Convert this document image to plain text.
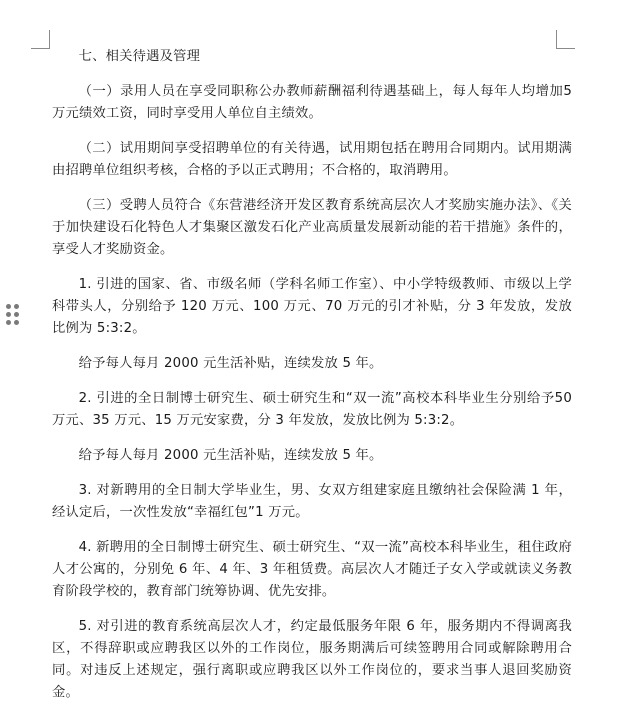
七、相关待遇及管理

（一）录用人员在享受同职称公办教师薪酬福利待遇基础上，每人每年人均增加5万元绩效工资，同时享受用人单位自主绩效。

（二）试用期间享受招聘单位的有关待遇，试用期包括在聘用合同期内。试用期满由招聘单位组织考核，合格的予以正式聘用；不合格的，取消聘用。

（三）受聘人员符合《东营港经济开发区教育系统高层次人才奖励实施办法》、《关于加快建设石化特色人才集聚区激发石化产业高质量发展新动能的若干措施》条件的，享受人才奖励资金。

1. 引进的国家、省、市级名师（学科名师工作室）、中小学特级教师、市级以上学科带头人，分别给予 120 万元、100 万元、70 万元的引才补贴，分 3 年发放，发放比例为 5:3:2。

给予每人每月 2000 元生活补贴，连续发放 5 年。

2. 引进的全日制博士研究生、硕士研究生和“双一流”高校本科毕业生分别给予50 万元、35 万元、15 万元安家费，分 3 年发放，发放比例为 5:3:2。

给予每人每月 2000 元生活补贴，连续发放 5 年。

3. 对新聘用的全日制大学毕业生，男、女双方组建家庭且缴纳社会保险满 1 年，经认定后，一次性发放“幸福红包”1 万元。

4. 新聘用的全日制博士研究生、硕士研究生、“双一流”高校本科毕业生，租住政府人才公寓的，分别免 6 年、4 年、3 年租赁费。高层次人才随迁子女入学或就读义务教育阶段学校的，教育部门统筹协调、优先安排。

5. 对引进的教育系统高层次人才，约定最低服务年限 6 年，服务期内不得调离我区，不得辞职或应聘我区以外的工作岗位，服务期满后可续签聘用合同或解除聘用合同。对违反上述规定，强行离职或应聘我区以外工作岗位的，要求当事人退回奖励资金。
